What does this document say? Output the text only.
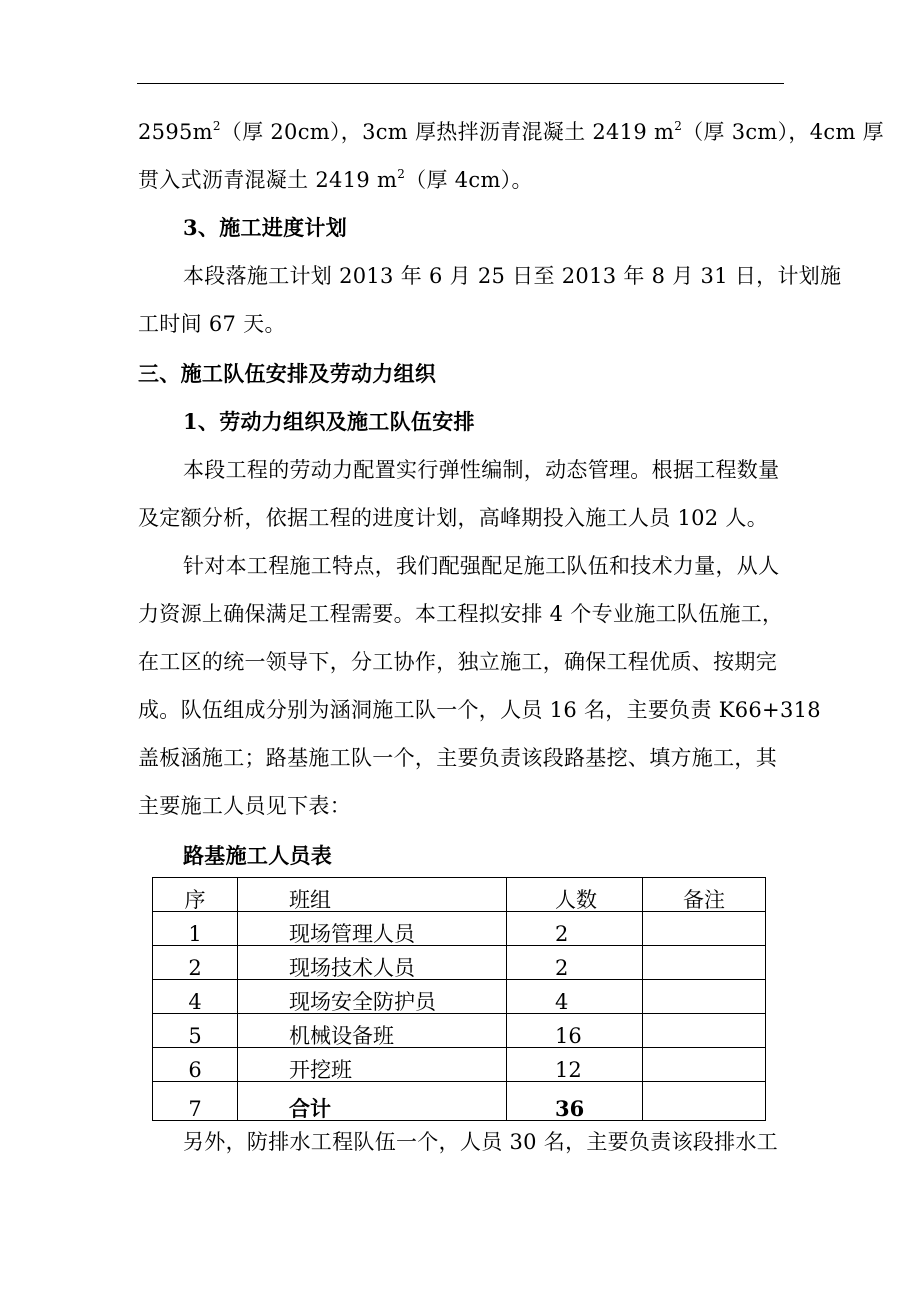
$2595m^2$（厚 20cm），3cm 厚热拌沥青混凝土 2419 $m^2$（厚 3cm），4cm 厚
贯入式沥青混凝土 2419 $m^2$（厚 4cm）。
3、施工进度计划
本段落施工计划 2013 年 6 月 25 日至 2013 年 8 月 31 日，计划施
工时间 67 天。
三、施工队伍安排及劳动力组织
1、劳动力组织及施工队伍安排
本段工程的劳动力配置实行弹性编制，动态管理。根据工程数量
及定额分析，依据工程的进度计划，高峰期投入施工人员 102 人。
针对本工程施工特点，我们配强配足施工队伍和技术力量，从人
力资源上确保满足工程需要。本工程拟安排 4 个专业施工队伍施工，
在工区的统一领导下，分工协作，独立施工，确保工程优质、按期完
成。队伍组成分别为涵洞施工队一个，人员 16 名，主要负责 K66+318
盖板涵施工；路基施工队一个，主要负责该段路基挖、填方施工，其
主要施工人员见下表：
路基施工人员表
序	班组	人数	备注
1	现场管理人员	2	
2	现场技术人员	2	
4	现场安全防护员	4	
5	机械设备班	16	
6	开挖班	12	
7	合计	36	
另外，防排水工程队伍一个，人员 30 名，主要负责该段排水工
